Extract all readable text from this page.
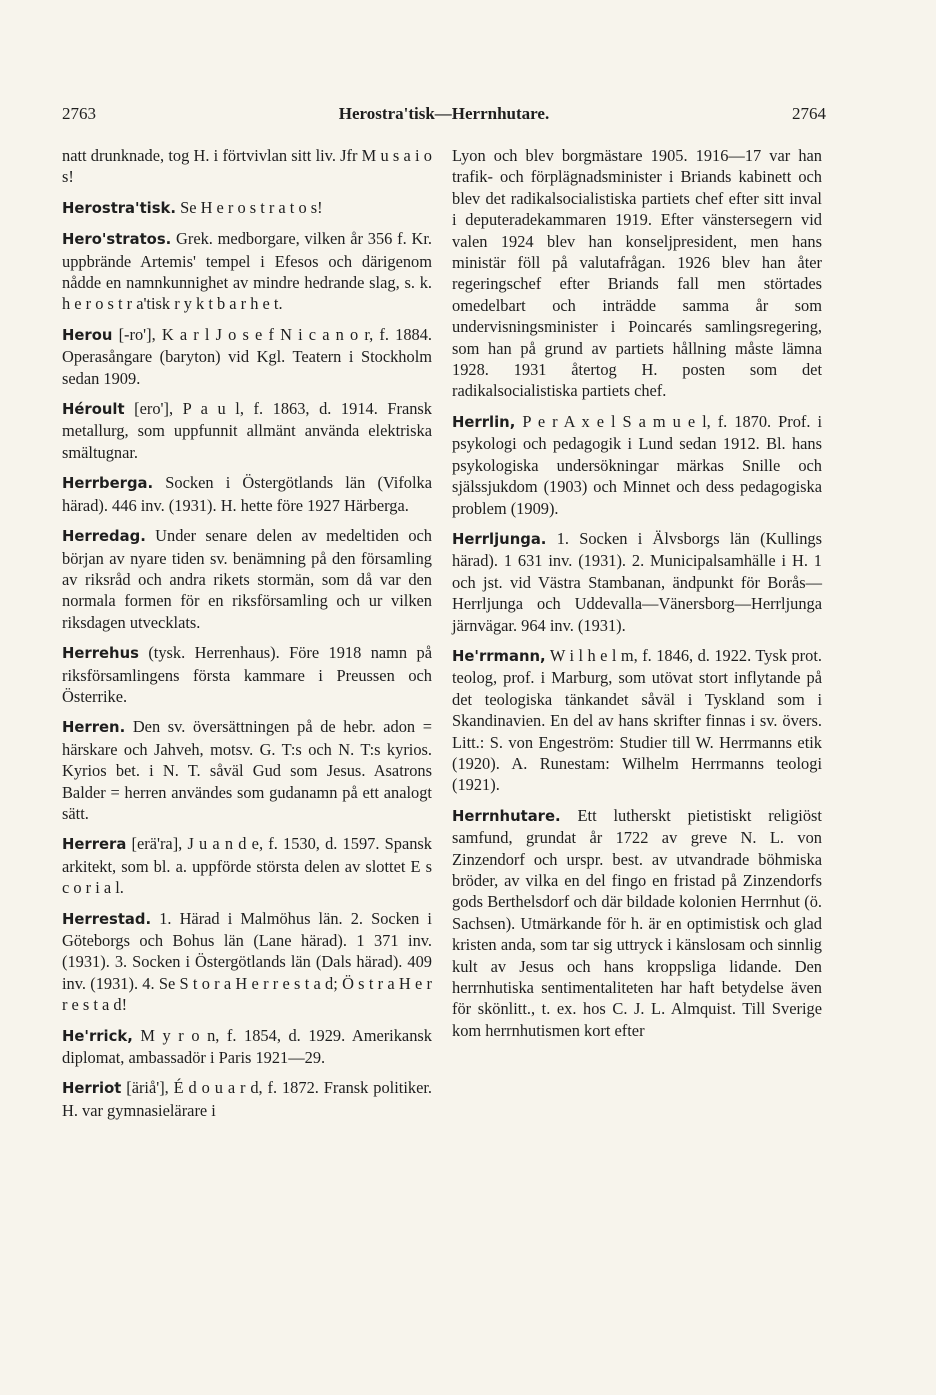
2763	Herostra'tisk—Herrnhutare.	2764

natt drunknade, tog H. i förtvivlan sitt liv. Jfr M u s a i o s!

Herostra'tisk. Se H e r o s t r a t o s!

Hero'stratos. Grek. medborgare, vilken år 356 f. Kr. uppbrände Artemis' tempel i Efesos och därigenom nådde en namnkunnighet av mindre hedrande slag, s. k. h e r o s t r a'tisk r y k t b a r h e t.

Herou [-ro'], K a r l J o s e f N i c a n o r, f. 1884. Operasångare (baryton) vid Kgl. Teatern i Stockholm sedan 1909.

Héroult [ero'], P a u l, f. 1863, d. 1914. Fransk metallurg, som uppfunnit allmänt använda elektriska smältugnar.

Herrberga. Socken i Östergötlands län (Vifolka härad). 446 inv. (1931). H. hette före 1927 Härberga.

Herredag. Under senare delen av medeltiden och början av nyare tiden sv. benämning på den församling av riksråd och andra rikets stormän, som då var den normala formen för en riksförsamling och ur vilken riksdagen utvecklats.

Herrehus (tysk. Herrenhaus). Före 1918 namn på riksförsamlingens första kammare i Preussen och Österrike.

Herren. Den sv. översättningen på de hebr. adon = härskare och Jahveh, motsv. G. T:s och N. T:s kyrios. Kyrios bet. i N. T. såväl Gud som Jesus. Asatrons Balder = herren användes som gudanamn på ett analogt sätt.

Herrera [erä'ra], J u a n d e, f. 1530, d. 1597. Spansk arkitekt, som bl. a. uppförde största delen av slottet E s c o r i a l.

Herrestad. 1. Härad i Malmöhus län. 2. Socken i Göteborgs och Bohus län (Lane härad). 1 371 inv. (1931). 3. Socken i Östergötlands län (Dals härad). 409 inv. (1931). 4. Se S t o r a H e r r e s t a d; Ö s t r a H e r r e s t a d!

He'rrick, M y r o n, f. 1854, d. 1929. Amerikansk diplomat, ambassadör i Paris 1921—29.

Herriot [äriå'], É d o u a r d, f. 1872. Fransk politiker. H. var gymnasielärare i

Lyon och blev borgmästare 1905. 1916—17 var han trafik- och förplägnadsminister i Briands kabinett och blev det radikalsocialistiska partiets chef efter sitt inval i deputeradekammaren 1919. Efter vänstersegern vid valen 1924 blev han konseljpresident, men hans ministär föll på valutafrågan. 1926 blev han åter regeringschef efter Briands fall men störtades omedelbart och inträdde samma år som undervisningsminister i Poincarés samlingsregering, som han på grund av partiets hållning måste lämna 1928. 1931 återtog H. posten som det radikalsocialistiska partiets chef.

Herrlin, P e r A x e l S a m u e l, f. 1870. Prof. i psykologi och pedagogik i Lund sedan 1912. Bl. hans psykologiska undersökningar märkas Snille och själssjukdom (1903) och Minnet och dess pedagogiska problem (1909).

Herrljunga. 1. Socken i Älvsborgs län (Kullings härad). 1 631 inv. (1931). 2. Municipalsamhälle i H. 1 och jst. vid Västra Stambanan, ändpunkt för Borås—Herrljunga och Uddevalla—Vänersborg—Herrljunga järnvägar. 964 inv. (1931).

He'rrmann, W i l h e l m, f. 1846, d. 1922. Tysk prot. teolog, prof. i Marburg, som utövat stort inflytande på det teologiska tänkandet såväl i Tyskland som i Skandinavien. En del av hans skrifter finnas i sv. övers. Litt.: S. von Engeström: Studier till W. Herrmanns etik (1920). A. Runestam: Wilhelm Herrmanns teologi (1921).

Herrnhutare. Ett lutherskt pietistiskt religiöst samfund, grundat år 1722 av greve N. L. von Zinzendorf och urspr. best. av utvandrade böhmiska bröder, av vilka en del fingo en fristad på Zinzendorfs gods Berthelsdorf och där bildade kolonien Herrnhut (ö. Sachsen). Utmärkande för h. är en optimistisk och glad kristen anda, som tar sig uttryck i känslosam och sinnlig kult av Jesus och hans kroppsliga lidande. Den herrnhutiska sentimentaliteten har haft betydelse även för skönlitt., t. ex. hos C. J. L. Almquist. Till Sverige kom herrnhutismen kort efter
